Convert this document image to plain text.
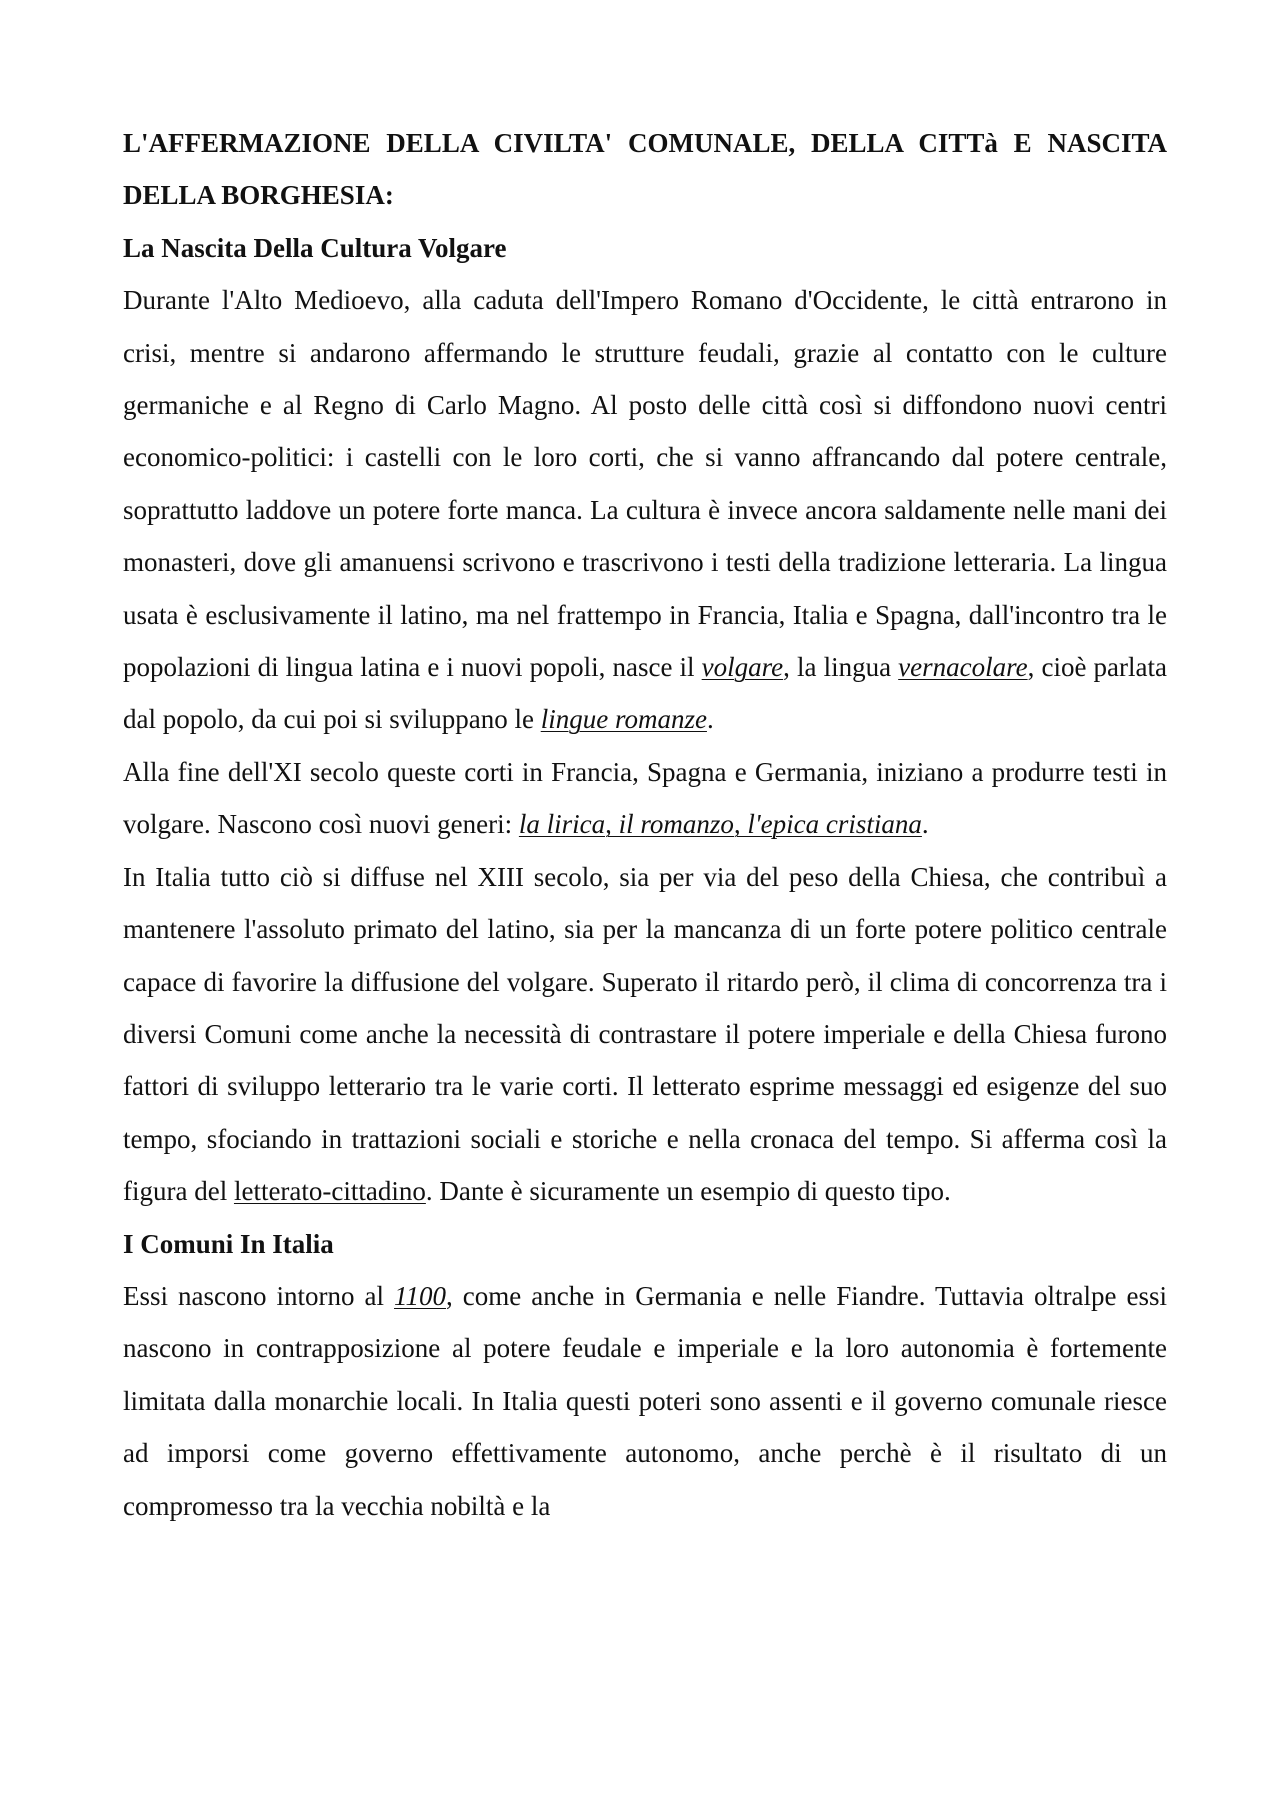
L'AFFERMAZIONE DELLA CIVILTA' COMUNALE, DELLA CITTà E NASCITA DELLA BORGHESIA:
La Nascita Della Cultura Volgare

Durante l'Alto Medioevo, alla caduta dell'Impero Romano d'Occidente, le città entrarono in crisi, mentre si andarono affermando le strutture feudali, grazie al contatto con le culture germaniche e al Regno di Carlo Magno. Al posto delle città così si diffondono nuovi centri economico-politici: i castelli con le loro corti, che si vanno affrancando dal potere centrale, soprattutto laddove un potere forte manca. La cultura è invece ancora saldamente nelle mani dei monasteri, dove gli amanuensi scrivono e trascrivono i testi della tradizione letteraria. La lingua usata è esclusivamente il latino, ma nel frattempo in Francia, Italia e Spagna, dall'incontro tra le popolazioni di lingua latina e i nuovi popoli, nasce il volgare, la lingua vernacolare, cioè parlata dal popolo, da cui poi si sviluppano le lingue romanze.

Alla fine dell'XI secolo queste corti in Francia, Spagna e Germania, iniziano a produrre testi in volgare. Nascono così nuovi generi: la lirica, il romanzo, l'epica cristiana.

In Italia tutto ciò si diffuse nel XIII secolo, sia per via del peso della Chiesa, che contribuì a mantenere l'assoluto primato del latino, sia per la mancanza di un forte potere politico centrale capace di favorire la diffusione del volgare. Superato il ritardo però, il clima di concorrenza tra i diversi Comuni come anche la necessità di contrastare il potere imperiale e della Chiesa furono fattori di sviluppo letterario tra le varie corti. Il letterato esprime messaggi ed esigenze del suo tempo, sfociando in trattazioni sociali e storiche e nella cronaca del tempo. Si afferma così la figura del letterato-cittadino. Dante è sicuramente un esempio di questo tipo.

I Comuni In Italia

Essi nascono intorno al 1100, come anche in Germania e nelle Fiandre. Tuttavia oltralpe essi nascono in contrapposizione al potere feudale e imperiale e la loro autonomia è fortemente limitata dalla monarchie locali. In Italia questi poteri sono assenti e il governo comunale riesce ad imporsi come governo effettivamente autonomo, anche perchè è il risultato di un compromesso tra la vecchia nobiltà e la
